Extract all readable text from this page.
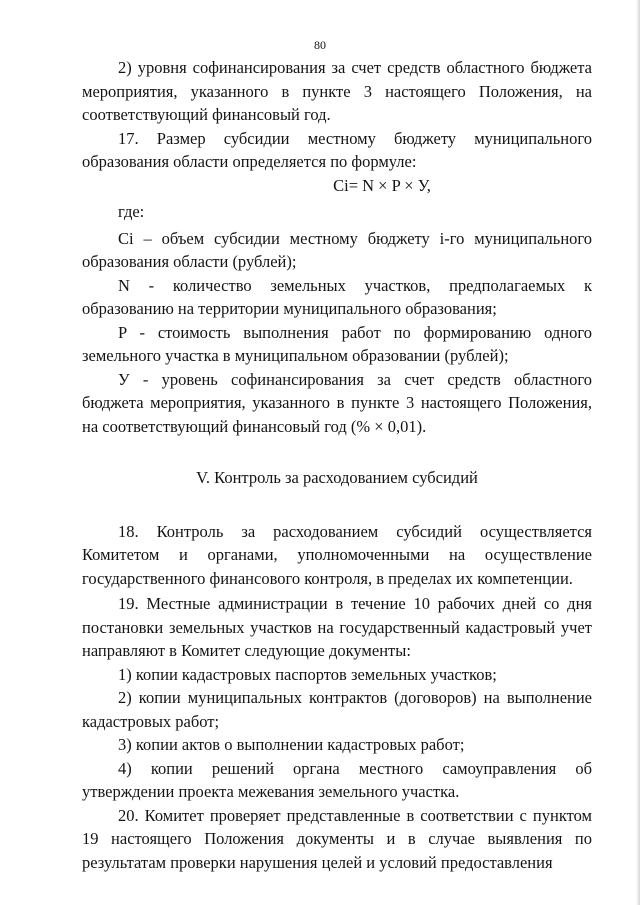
80

2) уровня софинансирования за счет средств областного бюджета мероприятия, указанного в пункте 3 настоящего Положения, на соответствующий финансовый год.

17. Размер субсидии местному бюджету муниципального образования области определяется по формуле:

Ci= N × P × У,

где:

Ci – объем субсидии местному бюджету i-го муниципального образования области (рублей);

N - количество земельных участков, предполагаемых к образованию на территории муниципального образования;

P - стоимость выполнения работ по формированию одного земельного участка в муниципальном образовании (рублей);

У - уровень софинансирования за счет средств областного бюджета мероприятия, указанного в пункте 3 настоящего Положения, на соответствующий финансовый год (% × 0,01).

V. Контроль за расходованием субсидий

18. Контроль за расходованием субсидий осуществляется Комитетом и органами, уполномоченными на осуществление государственного финансового контроля, в пределах их компетенции.

19. Местные администрации в течение 10 рабочих дней со дня постановки земельных участков на государственный кадастровый учет направляют в Комитет следующие документы:

1) копии кадастровых паспортов земельных участков;

2) копии муниципальных контрактов (договоров) на выполнение кадастровых работ;

3) копии актов о выполнении кадастровых работ;

4) копии решений органа местного самоуправления об утверждении проекта межевания земельного участка.

20. Комитет проверяет представленные в соответствии с пунктом 19 настоящего Положения документы и в случае выявления по результатам проверки нарушения целей и условий предоставления
